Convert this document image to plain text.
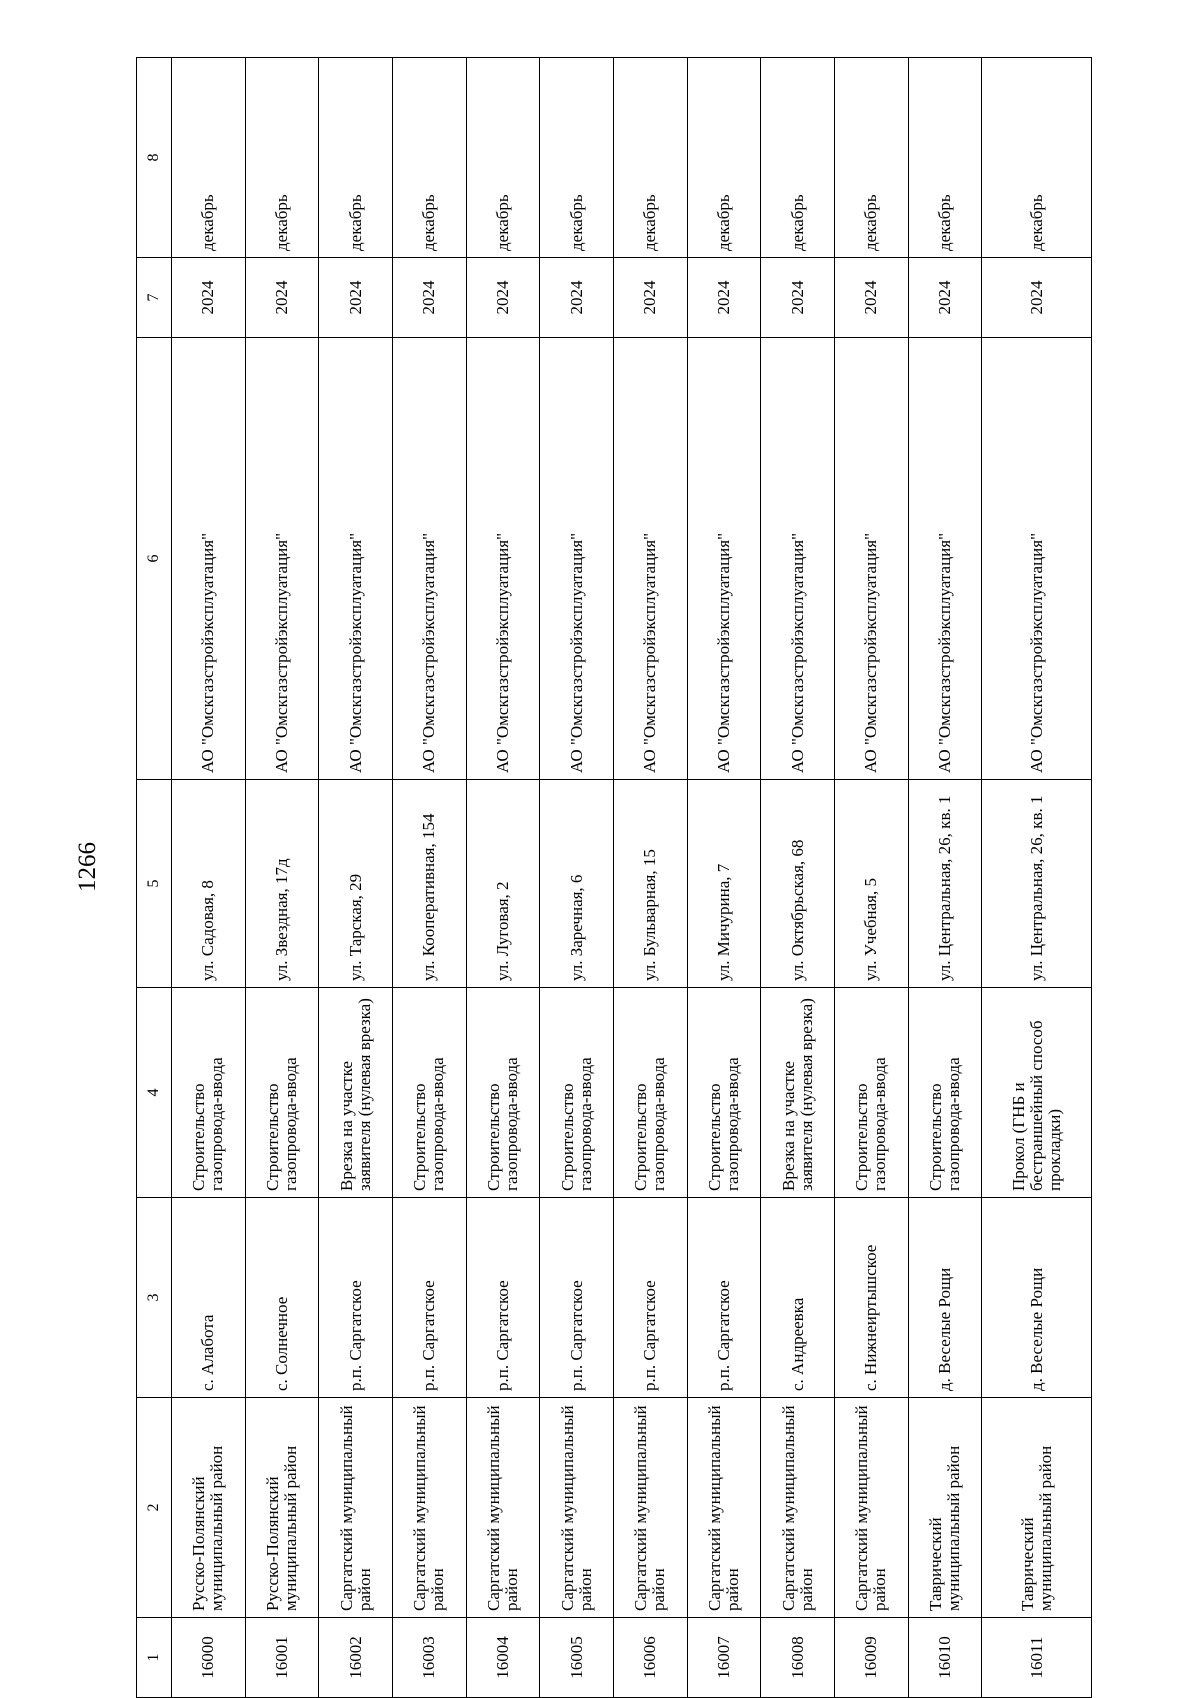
1266
1	2	3	4	5	6	7	8
16000	Русско-Полянский муниципальный район	с. Алабота	Строительство газопровода-ввода	ул. Садовая, 8	АО "Омскгазстройэксплуатация"	2024	декабрь
16001	Русско-Полянский муниципальный район	с. Солнечное	Строительство газопровода-ввода	ул. Звездная, 17д	АО "Омскгазстройэксплуатация"	2024	декабрь
16002	Саргатский муниципальный район	р.п. Саргатское	Врезка на участке заявителя (нулевая врезка)	ул. Тарская, 29	АО "Омскгазстройэксплуатация"	2024	декабрь
16003	Саргатский муниципальный район	р.п. Саргатское	Строительство газопровода-ввода	ул. Кооперативная, 154	АО "Омскгазстройэксплуатация"	2024	декабрь
16004	Саргатский муниципальный район	р.п. Саргатское	Строительство газопровода-ввода	ул. Луговая, 2	АО "Омскгазстройэксплуатация"	2024	декабрь
16005	Саргатский муниципальный район	р.п. Саргатское	Строительство газопровода-ввода	ул. Заречная, 6	АО "Омскгазстройэксплуатация"	2024	декабрь
16006	Саргатский муниципальный район	р.п. Саргатское	Строительство газопровода-ввода	ул. Бульварная, 15	АО "Омскгазстройэксплуатация"	2024	декабрь
16007	Саргатский муниципальный район	р.п. Саргатское	Строительство газопровода-ввода	ул. Мичурина, 7	АО "Омскгазстройэксплуатация"	2024	декабрь
16008	Саргатский муниципальный район	с. Андреевка	Врезка на участке заявителя (нулевая врезка)	ул. Октябрьская, 68	АО "Омскгазстройэксплуатация"	2024	декабрь
16009	Саргатский муниципальный район	с. Нижнеиртышское	Строительство газопровода-ввода	ул. Учебная, 5	АО "Омскгазстройэксплуатация"	2024	декабрь
16010	Таврический муниципальный район	д. Веселые Рощи	Строительство газопровода-ввода	ул. Центральная, 26, кв. 1	АО "Омскгазстройэксплуатация"	2024	декабрь
16011	Таврический муниципальный район	д. Веселые Рощи	Прокол (ГНБ и бестраншейный способ прокладки)	ул. Центральная, 26, кв. 1	АО "Омскгазстройэксплуатация"	2024	декабрь
